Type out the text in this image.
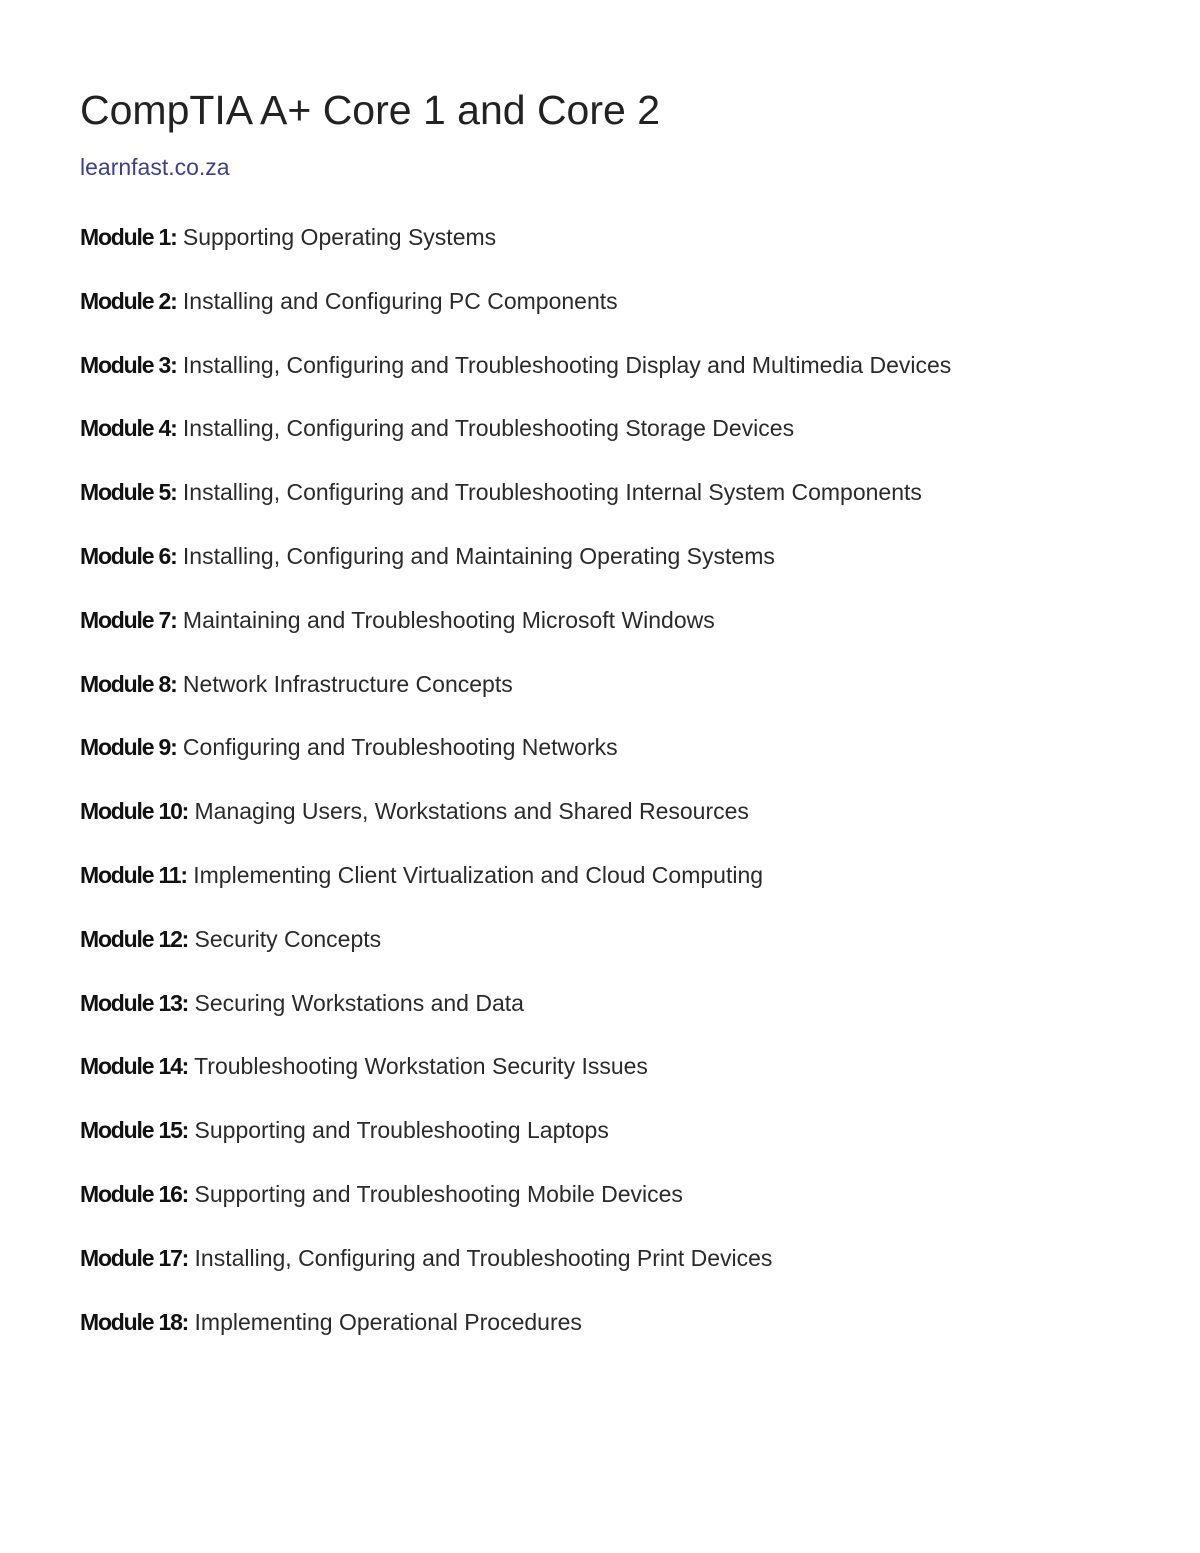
CompTIA A+ Core 1 and Core 2
learnfast.co.za
Module 1: Supporting Operating Systems
Module 2: Installing and Configuring PC Components
Module 3: Installing, Configuring and Troubleshooting Display and Multimedia Devices
Module 4: Installing, Configuring and Troubleshooting Storage Devices
Module 5: Installing, Configuring and Troubleshooting Internal System Components
Module 6: Installing, Configuring and Maintaining Operating Systems
Module 7: Maintaining and Troubleshooting Microsoft Windows
Module 8: Network Infrastructure Concepts
Module 9: Configuring and Troubleshooting Networks
Module 10: Managing Users, Workstations and Shared Resources
Module 11: Implementing Client Virtualization and Cloud Computing
Module 12: Security Concepts
Module 13: Securing Workstations and Data
Module 14: Troubleshooting Workstation Security Issues
Module 15: Supporting and Troubleshooting Laptops
Module 16: Supporting and Troubleshooting Mobile Devices
Module 17: Installing, Configuring and Troubleshooting Print Devices
Module 18: Implementing Operational Procedures
